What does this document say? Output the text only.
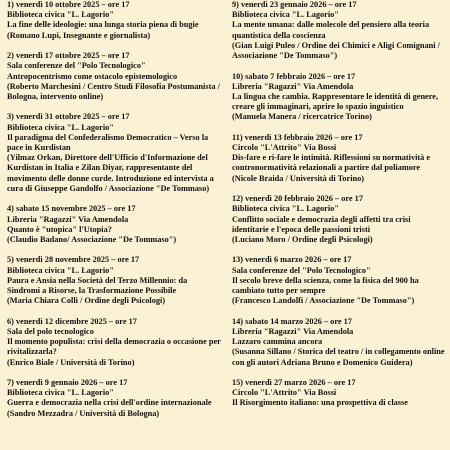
1) venerdì 10 ottobre 2025 – ore 17
Biblioteca civica "L. Lagorio"
La fine delle ideologie: una lunga storia piena di bugie
(Romano Lupi, Insegnante e giornalista)
2) venerdì 17 ottobre 2025 – ore 17
Sala conferenze del "Polo Tecnologico"
Antropocentrismo come ostacolo epistemologico
(Roberto Marchesini / Centro Studi Filosofia Postumanista / Bologna, intervento online)
3) venerdì 31 ottobre 2025 – ore 17
Biblioteca civica "L. Lagorio"
Il paradigma del Confederalismo Democratico – Verso la pace in Kurdistan
(Yilmaz Orkan, Direttore dell'Ufficio d'Informazione del Kurdistan in Italia e Zilan Diyar, rappresentante del movimento delle donne curde. Introduzione ed intervista a cura di Giuseppe Gandolfo / Associazione "De Tommaso)
4) sabato 15 novembre 2025 – ore 17
Libreria "Ragazzi" Via Amendola
Quanto è "utopica" l'Utopia?
(Claudio Badano/ Associazione "De Tommaso")
5) venerdì 28 novembre 2025 – ore 17
Biblioteca civica "L. Lagorio"
Paura e Ansia nella Società del Terzo Millennio: da Sindromi a Risorse, la Trasformazione Possibile
(Maria Chiara Colli / Ordine degli Psicologi)
6) venerdì 12 dicembre 2025 – ore 17
Sala del polo tecnologico
Il momento populista: crisi della democrazia o occasione per rivitalizzarla?
(Enrico Biale / Università di Torino)
7) venerdì 9 gennaio 2026 – ore 17
Biblioteca civica "L. Lagorio"
Guerra e democrazia nella crisi dell'ordine internazionale
(Sandro Mezzadra / Università di Bologna)
9) venerdì 23 gennaio 2026 – ore 17
Biblioteca civica "L. Lagorio"
La mente umana: dalle molecole del pensiero alla teoria quantistica della coscienza
(Gian Luigi Puleo / Ordine dei Chimici e Aligi Comignani / Associazione "De Tommaso")
10) sabato 7 febbraio 2026 – ore 17
Libreria "Ragazzi" Via Amendola
La lingua che cambia. Rappresentare le identità di genere, creare gli immaginari, aprire lo spazio inguistico
(Manuela Manera / ricercatrice Torino)
11) venerdì 13 febbraio 2026 – ore 17
Circolo "L'Attrito" Via Bossi
Dis-fare e ri-fare le intimità. Riflessioni su normatività e contronormatività relazionali a partire dal poliamore
(Nicole Braida / Università di Torino)
12) venerdì 20 febbraio 2026 – ore 17
Biblioteca civica "L. Lagorio"
Conflitto sociale e democrazia degli affetti tra crisi identitarie e l'epoca delle passioni tristi
(Luciano Moro / Ordine degli Psicologi)
13) venerdì 6 marzo 2026 – ore 17
Sala conferenze del "Polo Tecnologico"
Il secolo breve della scienza, come la fisica del 900 ha cambiato tutto per sempre
(Francesco Landolfi / Associazione "De Tommaso")
14) sabato 14 marzo 2026 – ore 17
Libreria "Ragazzi" Via Amendola
Lazzaro cammina ancora
(Susanna Sillano / Storica del teatro / in collegamento online con gli autori Adriana Bruno e Domenico Guidera)
15) venerdì 27 marzo 2026 – ore 17
Circolo "L'Attrito" Via Bossi
Il Risorgimento italiano: una prospettiva di classe
